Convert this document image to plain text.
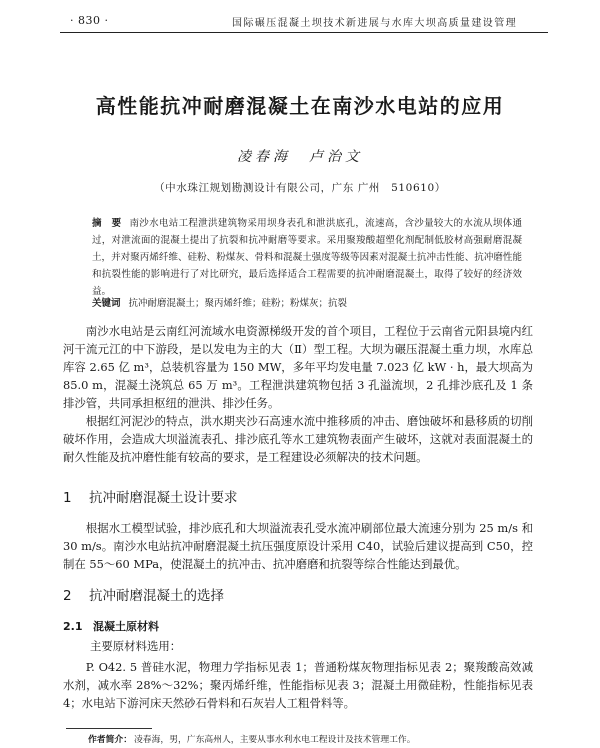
· 830 ·	国际碾压混凝土坝技术新进展与水库大坝高质量建设管理
高性能抗冲耐磨混凝土在南沙水电站的应用
凌春海　卢治文
（中水珠江规划勘测设计有限公司，广东 广州　510610）
摘　要 南沙水电站工程泄洪建筑物采用坝身表孔和泄洪底孔，流速高，含沙量较大的水流从坝体通过，对泄流面的混凝土提出了抗裂和抗冲耐磨等要求。采用聚羧酸超塑化剂配制低胶材高强耐磨混凝土，并对聚丙烯纤维、硅粉、粉煤灰、骨料和混凝土强度等级等因素对混凝土抗冲击性能、抗冲磨性能和抗裂性能的影响进行了对比研究，最后选择适合工程需要的抗冲耐磨混凝土，取得了较好的经济效益。
关键词 抗冲耐磨混凝土；聚丙烯纤维；硅粉；粉煤灰；抗裂
南沙水电站是云南红河流域水电资源梯级开发的首个项目，工程位于云南省元阳县境内红河干流元江的中下游段，是以发电为主的大（Ⅱ）型工程。大坝为碾压混凝土重力坝，水库总库容 2.65 亿 m³，总装机容量为 150 MW，多年平均发电量 7.023 亿 kW · h，最大坝高为 85.0 m，混凝土浇筑总 65 万 m³。工程泄洪建筑物包括 3 孔溢流坝，2 孔排沙底孔及 1 条排沙管，共同承担枢纽的泄洪、排沙任务。
根据红河泥沙的特点，洪水期夹沙石高速水流中推移质的冲击、磨蚀破坏和悬移质的切削破坏作用，会造成大坝溢流表孔、排沙底孔等水工建筑物表面产生破坏，这就对表面混凝土的耐久性能及抗冲磨性能有较高的要求，是工程建设必须解决的技术问题。
1 抗冲耐磨混凝土设计要求
根据水工模型试验，排沙底孔和大坝溢流表孔受水流冲刷部位最大流速分别为 25 m/s 和 30 m/s。南沙水电站抗冲耐磨混凝土抗压强度原设计采用 C40，试验后建议提高到 C50，控制在 55～60 MPa，使混凝土的抗冲击、抗冲磨磨和抗裂等综合性能达到最优。
2 抗冲耐磨混凝土的选择
2.1 混凝土原材料
主要原材料选用：
P. O42. 5 普硅水泥，物理力学指标见表 1；普通粉煤灰物理指标见表 2；聚羧酸高效减水剂，减水率 28%～32%；聚丙烯纤维，性能指标见表 3；混凝土用微硅粉，性能指标见表 4；水电站下游河床天然砂石骨料和石灰岩人工粗骨料等。
作者简介： 凌春海，男，广东高州人，主要从事水利水电工程设计及技术管理工作。
